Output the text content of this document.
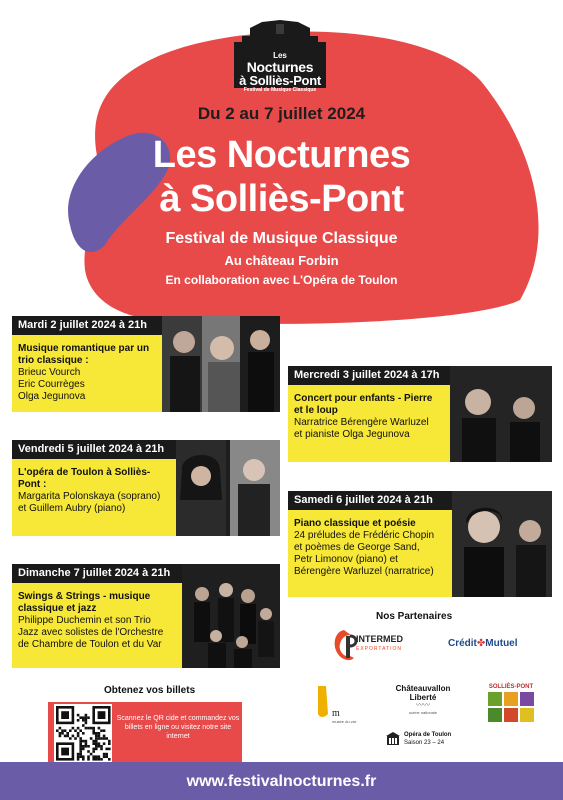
Les
Nocturnes
à Solliès-Pont
Festival de Musique Classique
Du 2 au 7 juillet 2024
Les Nocturnes
à Solliès-Pont
Festival de Musique Classique
Au château Forbin
En collaboration avec L'Opéra de Toulon
Mardi 2 juillet 2024 à 21h
Musique romantique par un trio classique :
Brieuc Vourch
Eric Courrèges
Olga Jegunova
Mercredi 3 juillet 2024 à 17h
Concert pour enfants - Pierre et le loup
Narratrice Bérengère Warluzel
et pianiste Olga Jegunova
Vendredi 5 juillet 2024 à 21h
L'opéra de Toulon à Solliès-Pont :
Margarita Polonskaya (soprano)
et Guillem Aubry (piano)
Samedi 6 juillet 2024 à 21h
Piano classique et poésie
24 préludes de Frédéric Chopin
et poèmes de George Sand,
Petr Limonov (piano) et
Bérengère Warluzel (narratrice)
Dimanche 7 juillet 2024 à 21h
Swings & Strings - musique classique et jazz
Philippe Duchemin et son Trio
Jazz avec solistes de l'Orchestre
de Chambre de Toulon et du Var
Nos Partenaires
INTERMED
EXPORTATION	Crédit✤Mutuel
m
musée du var
Châteauvallon
Liberté
〰〰
scène nationale
SOLLIÈS-PONT
Opéra de Toulon
Saison 23 – 24
Obtenez vos billets
Scannez le QR cide et commandez vos billets en ligne ou visitez notre site internet
www.festivalnocturnes.fr
